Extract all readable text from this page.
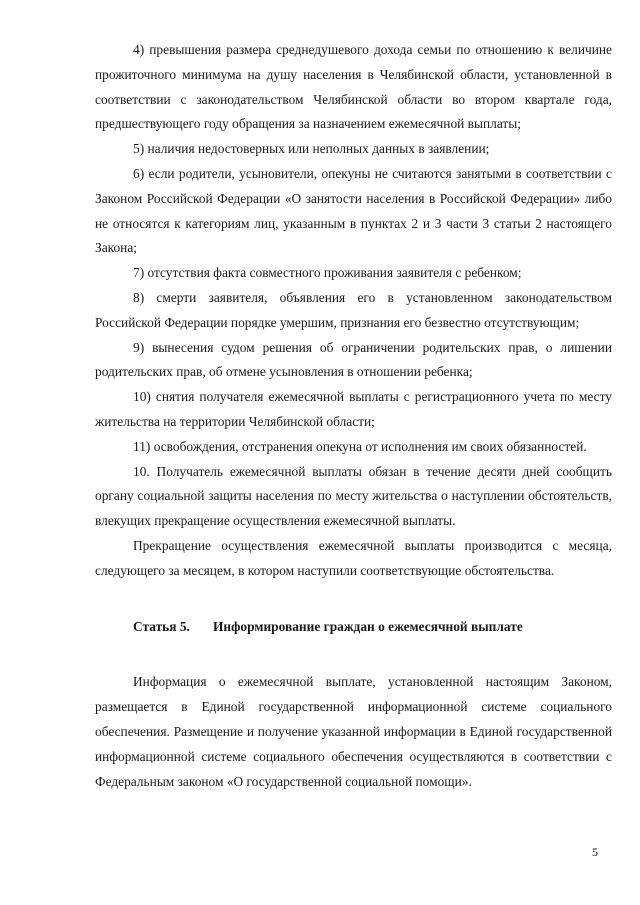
4) превышения размера среднедушевого дохода семьи по отношению к величине прожиточного минимума на душу населения в Челябинской области, установленной в соответствии с законодательством Челябинской области во втором квартале года, предшествующего году обращения за назначением ежемесячной выплаты;

5) наличия недостоверных или неполных данных в заявлении;

6) если родители, усыновители, опекуны не считаются занятыми в соответствии с Законом Российской Федерации «О занятости населения в Российской Федерации» либо не относятся к категориям лиц, указанным в пунктах 2 и 3 части 3 статьи 2 настоящего Закона;

7) отсутствия факта совместного проживания заявителя с ребенком;

8) смерти заявителя, объявления его в установленном законодательством Российской Федерации порядке умершим, признания его безвестно отсутствующим;

9) вынесения судом решения об ограничении родительских прав, о лишении родительских прав, об отмене усыновления в отношении ребенка;

10) снятия получателя ежемесячной выплаты с регистрационного учета по месту жительства на территории Челябинской области;

11) освобождения, отстранения опекуна от исполнения им своих обязанностей.

10. Получатель ежемесячной выплаты обязан в течение десяти дней сообщить органу социальной защиты населения по месту жительства о наступлении обстоятельств, влекущих прекращение осуществления ежемесячной выплаты.

Прекращение осуществления ежемесячной выплаты производится с месяца, следующего за месяцем, в котором наступили соответствующие обстоятельства.

Статья 5. Информирование граждан о ежемесячной выплате

Информация о ежемесячной выплате, установленной настоящим Законом, размещается в Единой государственной информационной системе социального обеспечения. Размещение и получение указанной информации в Единой государственной информационной системе социального обеспечения осуществляются в соответствии с Федеральным законом «О государственной социальной помощи».

5
